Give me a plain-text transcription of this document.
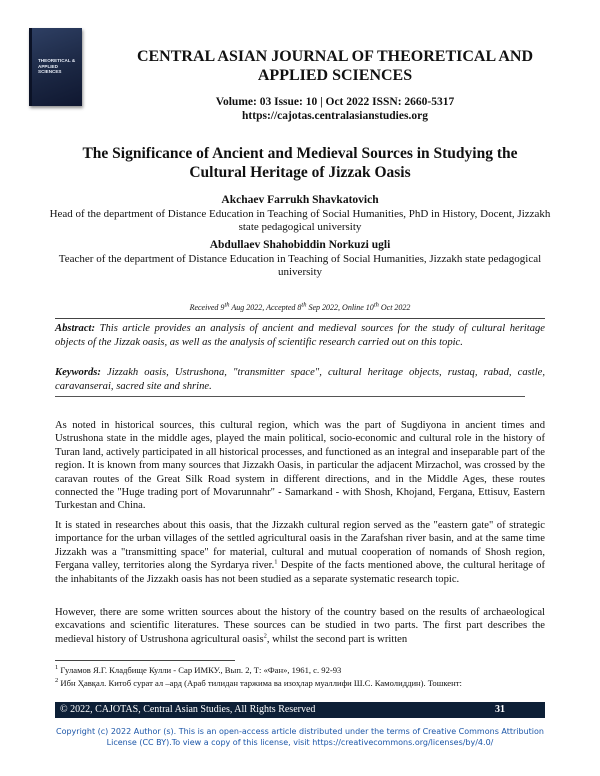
THEORETICAL & APPLIED SCIENCES
CENTRAL ASIAN JOURNAL OF THEORETICAL AND APPLIED SCIENCES
Volume: 03 Issue: 10 | Oct 2022 ISSN: 2660-5317
https://cajotas.centralasianstudies.org
The Significance of Ancient and Medieval Sources in Studying the Cultural Heritage of Jizzak Oasis
Akchaev Farrukh Shavkatovich
Head of the department of Distance Education in Teaching of Social Humanities, PhD in History, Docent, Jizzakh state pedagogical university
Abdullaev Shahobiddin Norkuzi ugli
Teacher of the department of Distance Education in Teaching of Social Humanities, Jizzakh state pedagogical university
Received 9th Aug 2022, Accepted 8th Sep 2022, Online 10th Oct 2022
Abstract: This article provides an analysis of ancient and medieval sources for the study of cultural heritage objects of the Jizzak oasis, as well as the analysis of scientific research carried out on this topic.
Keywords: Jizzakh oasis, Ustrushona, "transmitter space", cultural heritage objects, rustaq, rabad, castle, caravanserai, sacred site and shrine.
As noted in historical sources, this cultural region, which was the part of Sugdiyona in ancient times and Ustrushona state in the middle ages, played the main political, socio-economic and cultural role in the history of Turan land, actively participated in all historical processes, and functioned as an integral and inseparable part of the region. It is known from many sources that Jizzakh Oasis, in particular the adjacent Mirzachol, was crossed by the caravan routes of the Great Silk Road system in different directions, and in the Middle Ages, these routes connected the "Huge trading port of Movarunnahr" - Samarkand - with Shosh, Khojand, Fergana, Ettisuv, Eastern Turkestan and China.
It is stated in researches about this oasis, that the Jizzakh cultural region served as the "eastern gate" of strategic importance for the urban villages of the settled agricultural oasis in the Zarafshan river basin, and at the same time Jizzakh was a "transmitting space" for material, cultural and mutual cooperation of nomands of Shosh region, Fergana valley, territories along the Syrdarya river.$^1$ Despite of the facts mentioned above, the cultural heritage of the inhabitants of the Jizzakh oasis has not been studied as a separate systematic research topic.
However, there are some written sources about the history of the country based on the results of archaeological excavations and scientific literatures. These sources can be studied in two parts. The first part describes the medieval history of Ustrushona agricultural oasis$^2$, whilst the second part is written
$^1$ Гуламов Я.Г. Кладбище Кулли - Сар ИМКУ., Вып. 2, Т: «Фан», 1961, с. 92-93
$^2$ Ибн Ҳавқал. Китоб сурат ал –ард (Араб тилидан таржима ва изоҳлар муаллифи Ш.С. Камолиддин). Тошкент:
© 2022, CAJOTAS, Central Asian Studies, All Rights Reserved	31
Copyright (c) 2022 Author (s). This is an open-access article distributed under the terms of Creative Commons Attribution License (CC BY).To view a copy of this license, visit https://creativecommons.org/licenses/by/4.0/
